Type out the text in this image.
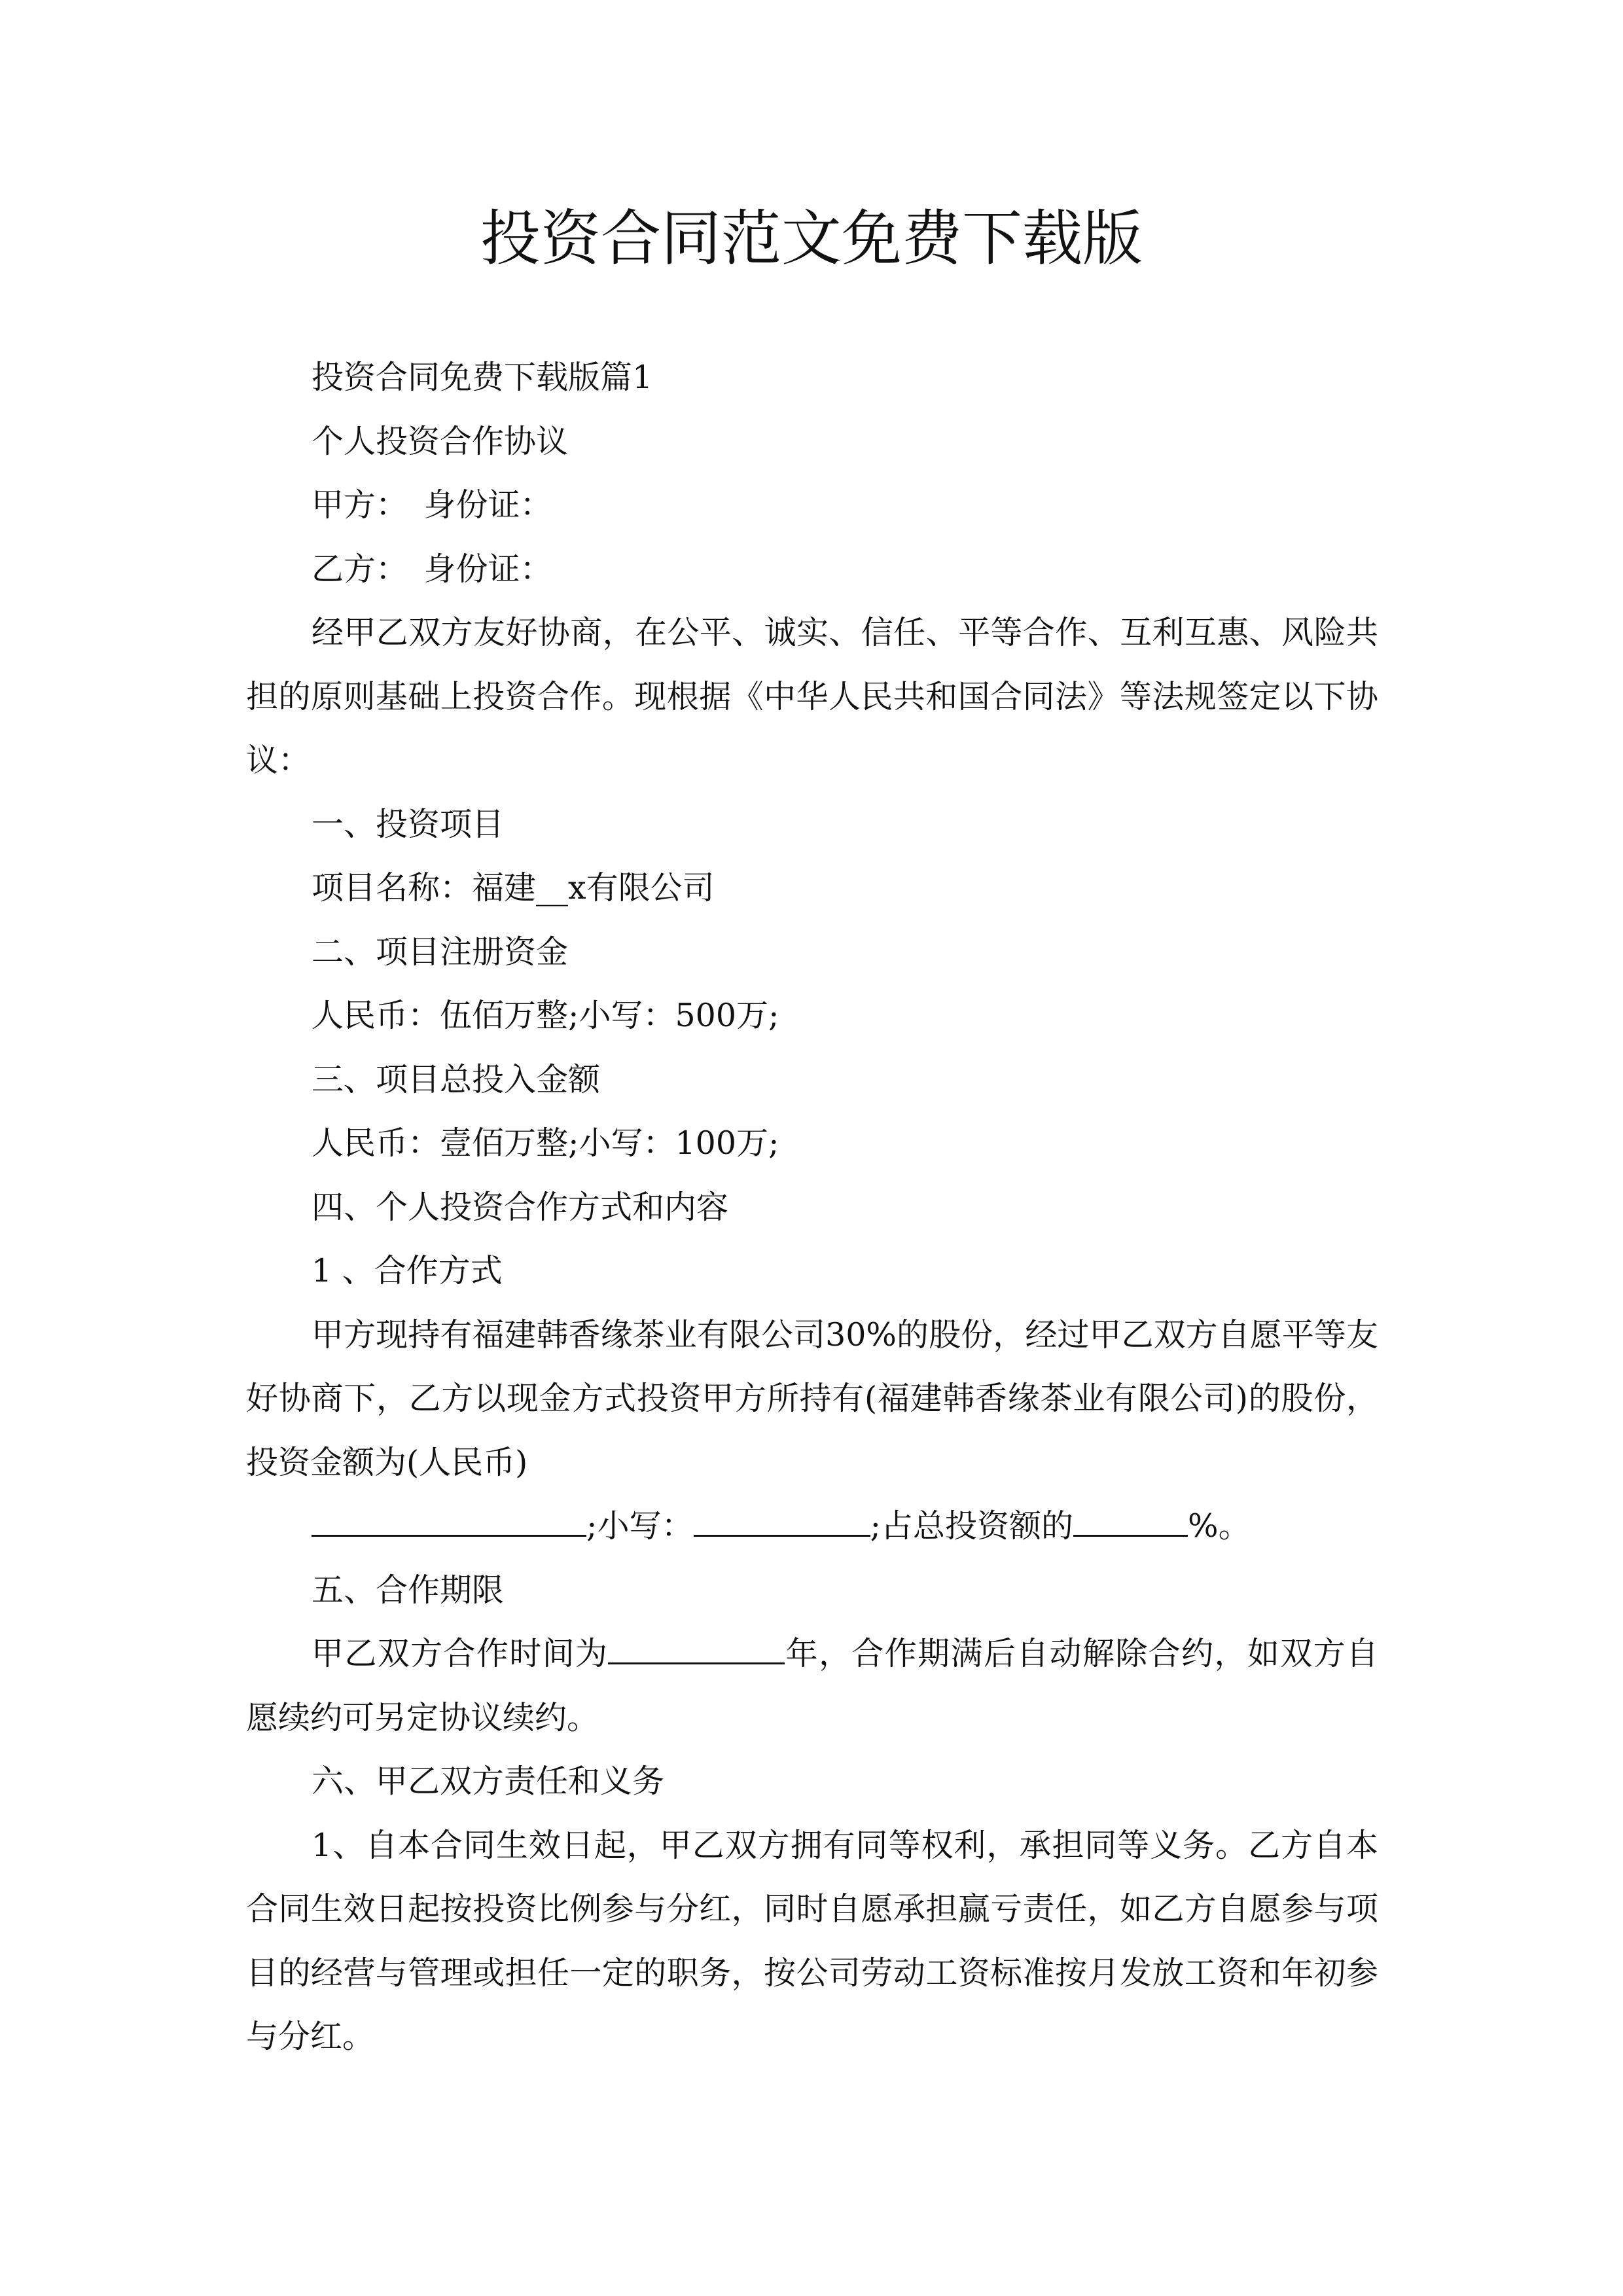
投资合同范文免费下载版

投资合同免费下载版篇1

个人投资合作协议

甲方：　身份证：

乙方：　身份证：

经甲乙双方友好协商，在公平、诚实、信任、平等合作、互利互惠、风险共担的原则基础上投资合作。现根据《中华人民共和国合同法》等法规签定以下协议：

一、投资项目

项目名称：福建__x有限公司

二、项目注册资金

人民币：伍佰万整;小写：500万;

三、项目总投入金额

人民币：壹佰万整;小写：100万;

四、个人投资合作方式和内容

1 、合作方式

甲方现持有福建韩香缘茶业有限公司30%的股份，经过甲乙双方自愿平等友好协商下，乙方以现金方式投资甲方所持有(福建韩香缘茶业有限公司)的股份，投资金额为(人民币)

;小写：	;占总投资额的	%。

五、合作期限

甲乙双方合作时间为	年，合作期满后自动解除合约，如双方自愿续约可另定协议续约。

六、甲乙双方责任和义务

1、自本合同生效日起，甲乙双方拥有同等权利，承担同等义务。乙方自本合同生效日起按投资比例参与分红，同时自愿承担赢亏责任，如乙方自愿参与项目的经营与管理或担任一定的职务，按公司劳动工资标准按月发放工资和年初参与分红。
